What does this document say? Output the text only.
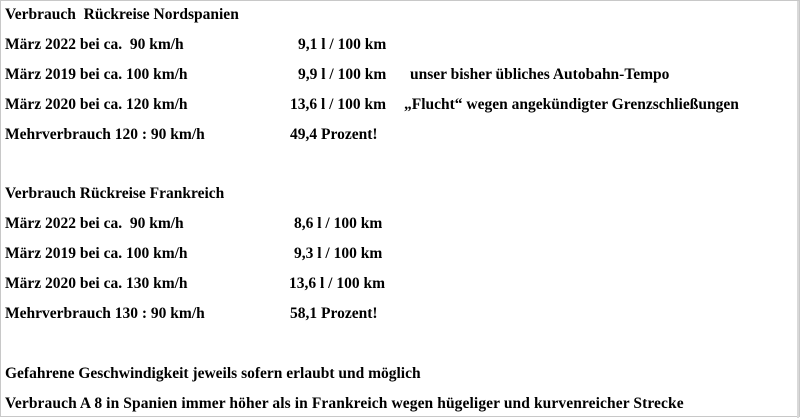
Verbrauch  Rückreise Nordspanien
März 2022 bei ca.  90 km/h	9,1 l / 100 km
März 2019 bei ca. 100 km/h	9,9 l / 100 km unser bisher übliches Autobahn-Tempo
März 2020 bei ca. 120 km/h	13,6 l / 100 km „Flucht“ wegen angekündigter Grenzschließungen
Mehrverbrauch 120 : 90 km/h	49,4 Prozent!
Verbrauch Rückreise Frankreich
März 2022 bei ca.  90 km/h	8,6 l / 100 km
März 2019 bei ca. 100 km/h	9,3 l / 100 km
März 2020 bei ca. 130 km/h	13,6 l / 100 km
Mehrverbrauch 130 : 90 km/h	58,1 Prozent!
Gefahrene Geschwindigkeit jeweils sofern erlaubt und möglich
Verbrauch A 8 in Spanien immer höher als in Frankreich wegen hügeliger und kurvenreicher Strecke
